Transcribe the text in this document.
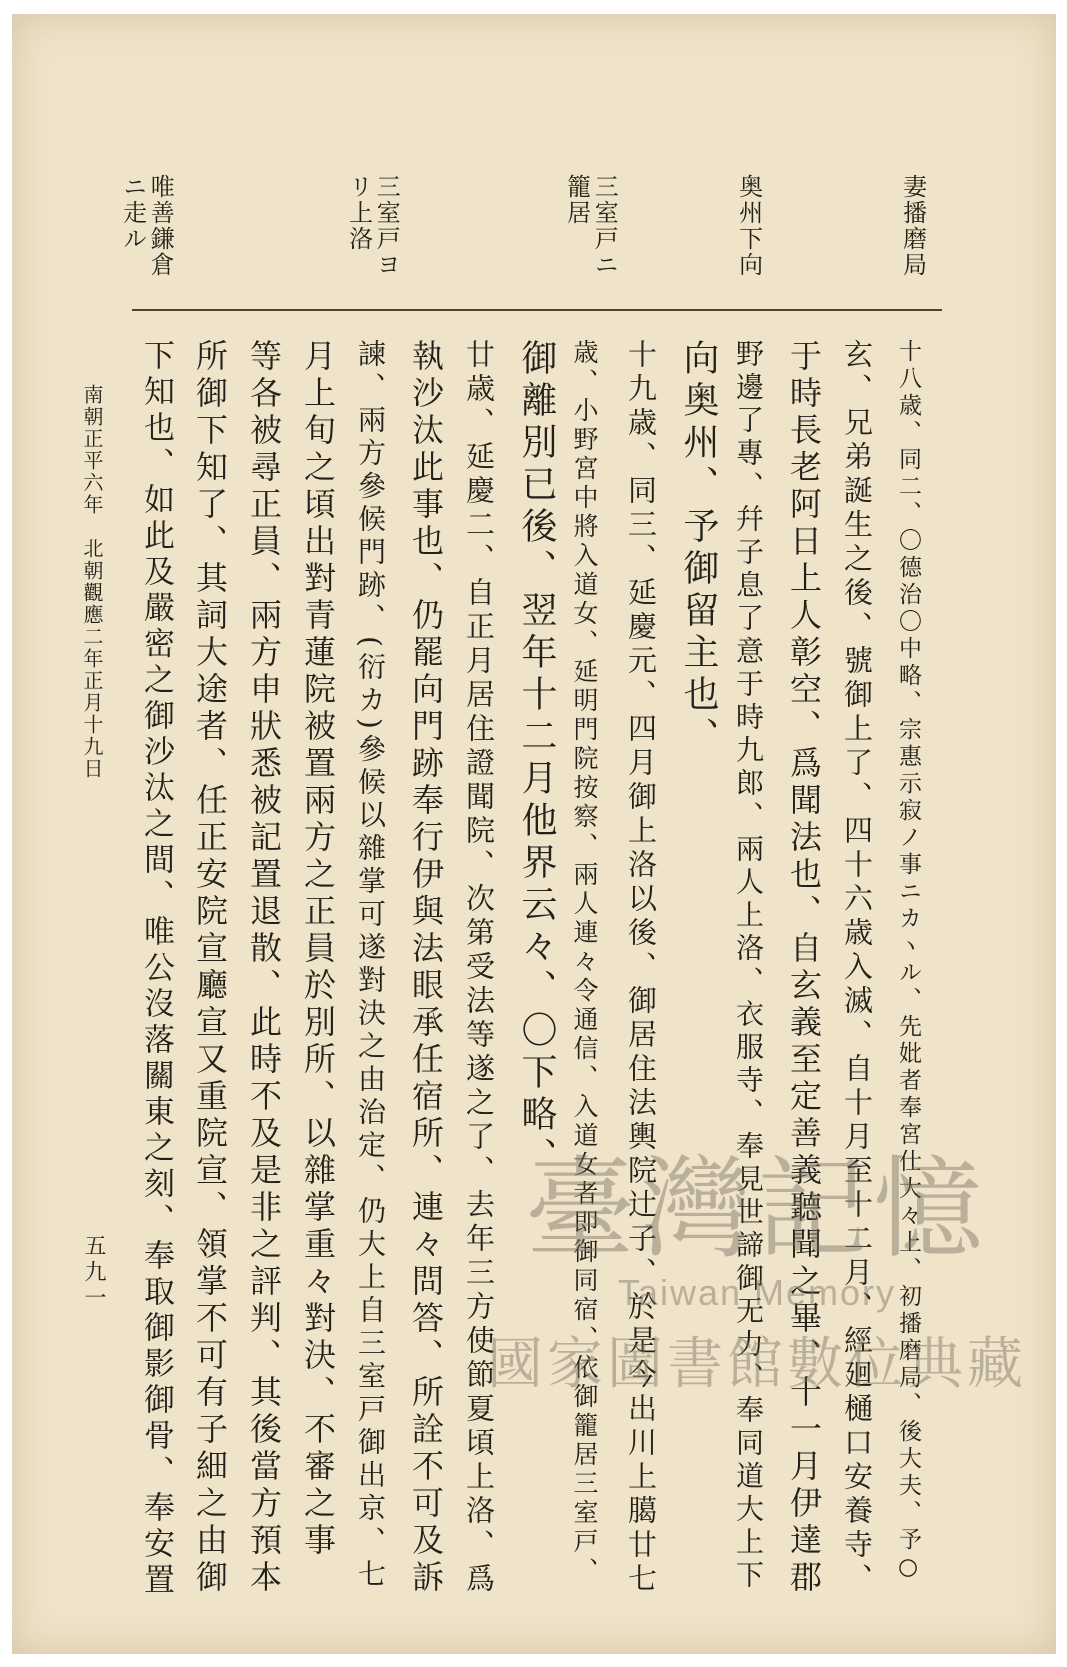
妻播磨局
奥州下向
三室戸ニ 籠居
三室戸ヨ リ上洛
唯善鎌倉 ニ走ル
十八歳、同二、〇德治〇中略、宗惠示寂ノ事ニカヽル、先妣者奉宮仕大々上、初播磨局、後大夫、予○
玄、兄弟誕生之後、號御上了、四十六歳入滅、自十月至十二月、經廻樋口安養寺、
于時長老阿日上人彰空、爲聞法也、自玄義至定善義聽聞之畢、十一月伊達郡
野邊了專、幷子息了意于時九郎、兩人上洛、衣服寺、奉見世諦御无力、奉同道大上下
向奥州、予御留主也、
十九歳、同三、延慶元、四月御上洛以後、御居住法輿院辻子、於是今出川上臈廿七
歳、小野宮中將入道女、延明門院按察、兩人連々令通信、入道女者即御同宿、依御籠居三室戸、
御離別已後、翌年十二月他界云々、〇下略、
廿歳、延慶二、自正月居住證聞院、次第受法等遂之了、去年三方使節夏頃上洛、爲
執沙汰此事也、仍罷向門跡奉行伊與法眼承任宿所、連々問答、所詮不可及訴
諫、兩方參候門跡、(衍カ)參候以雜掌可遂對決之由治定、仍大上自三室戸御出京、七
月上旬之頃出對青蓮院被置兩方之正員於別所、以雜掌重々對決、不審之事
等各被尋正員、兩方申狀悉被記置退散、此時不及是非之評判、其後當方預本
所御下知了、其詞大途者、任正安院宣廳宣又重院宣、領掌不可有子細之由御
下知也、如此及嚴密之御沙汰之間、唯公沒落關東之刻、奉取御影御骨、奉安置
南朝正平六年　北朝觀應二年正月十九日
五九一	臺灣記憶
Taiwan Memory
國家圖書館數位典藏
